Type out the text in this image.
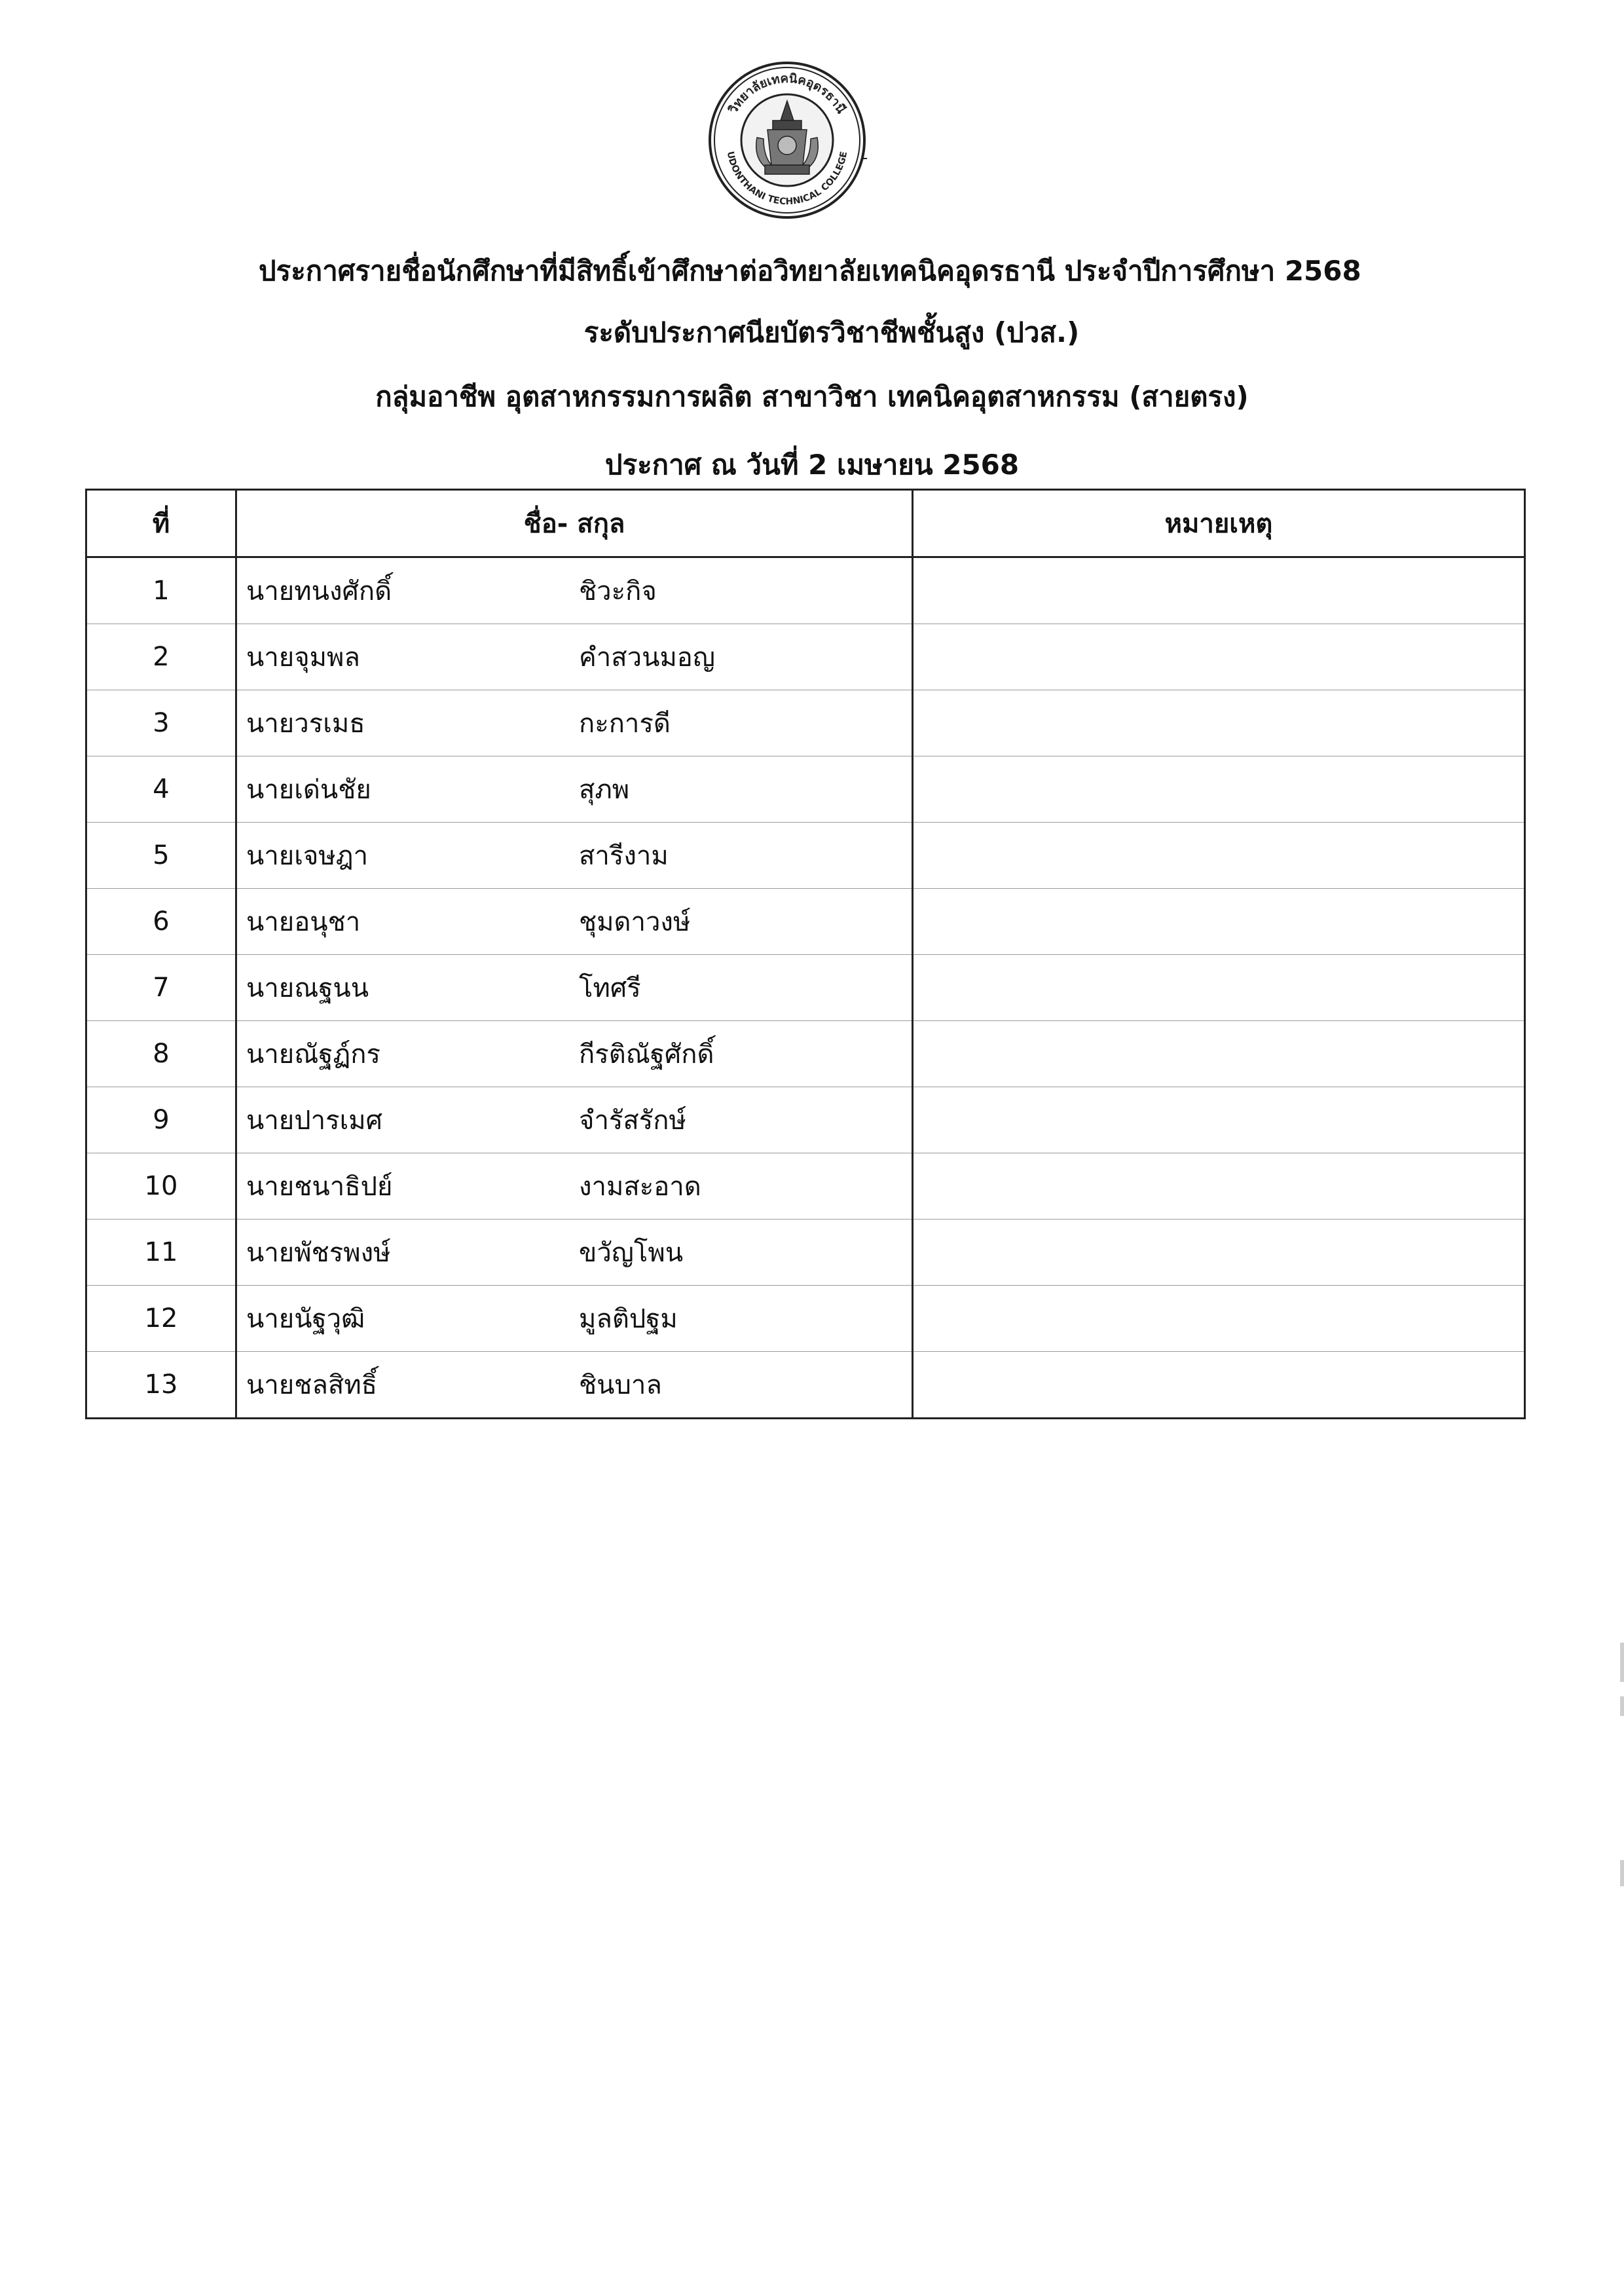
วิทยาลัยเทคนิคอุดรธานี
UDONTHANI TECHNICAL COLLEGE
ประกาศรายชื่อนักศึกษาที่มีสิทธิ์เข้าศึกษาต่อวิทยาลัยเทคนิคอุดรธานี ประจำปีการศึกษา 2568
ระดับประกาศนียบัตรวิชาชีพชั้นสูง (ปวส.)
กลุ่มอาชีพ อุตสาหกรรมการผลิต สาขาวิชา เทคนิคอุตสาหกรรม (สายตรง)
ประกาศ ณ วันที่ 2 เมษายน 2568
ที่	ชื่อ- สกุล	หมายเหตุ
1	นายทนงศักดิ์ ชิวะกิจ	

2	นายจุมพล คำสวนมอญ	

3	นายวรเมธ กะการดี	

4	นายเด่นชัย สุภพ	

5	นายเจษฎา สารีงาม	

6	นายอนุชา ชุมดาวงษ์	

7	นายณฐนน โทศรี	

8	นายณัฐฏ์กร กีรติณัฐศักดิ์	

9	นายปารเมศ จำรัสรักษ์	

10	นายชนาธิปย์ งามสะอาด	

11	นายพัชรพงษ์ ขวัญโพน	

12	นายนัฐวุฒิ มูลติปฐม	

13	นายชลสิทธิ์ ชินบาล	
